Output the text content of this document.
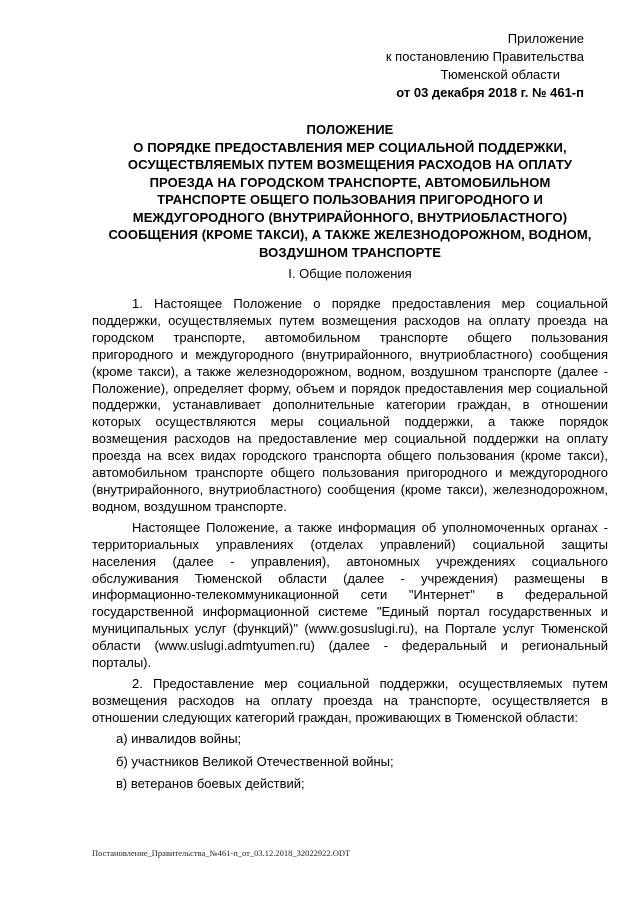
Приложение
к постановлению Правительства
Тюменской области
от 03 декабря 2018 г. № 461-п
ПОЛОЖЕНИЕ
О ПОРЯДКЕ ПРЕДОСТАВЛЕНИЯ МЕР СОЦИАЛЬНОЙ ПОДДЕРЖКИ,
ОСУЩЕСТВЛЯЕМЫХ ПУТЕМ ВОЗМЕЩЕНИЯ РАСХОДОВ НА ОПЛАТУ
ПРОЕЗДА НА ГОРОДСКОМ ТРАНСПОРТЕ, АВТОМОБИЛЬНОМ
ТРАНСПОРТЕ ОБЩЕГО ПОЛЬЗОВАНИЯ ПРИГОРОДНОГО И
МЕЖДУГОРОДНОГО (ВНУТРИРАЙОННОГО, ВНУТРИОБЛАСТНОГО)
СООБЩЕНИЯ (КРОМЕ ТАКСИ), А ТАКЖЕ ЖЕЛЕЗНОДОРОЖНОМ, ВОДНОМ,
ВОЗДУШНОМ ТРАНСПОРТЕ
I. Общие положения

1. Настоящее Положение о порядке предоставления мер социальной поддержки, осуществляемых путем возмещения расходов на оплату проезда на городском транспорте, автомобильном транспорте общего пользования пригородного и междугородного (внутрирайонного, внутриобластного) сообщения (кроме такси), а также железнодорожном, водном, воздушном транспорте (далее - Положение), определяет форму, объем и порядок предоставления мер социальной поддержки, устанавливает дополнительные категории граждан, в отношении которых осуществляются меры социальной поддержки, а также порядок возмещения расходов на предоставление мер социальной поддержки на оплату проезда на всех видах городского транспорта общего пользования (кроме такси), автомобильном транспорте общего пользования пригородного и междугородного (внутрирайонного, внутриобластного) сообщения (кроме такси), железнодорожном, водном, воздушном транспорте.

Настоящее Положение, а также информация об уполномоченных органах - территориальных управлениях (отделах управлений) социальной защиты населения (далее - управления), автономных учреждениях социального обслуживания Тюменской области (далее - учреждения) размещены в информационно-телекоммуникационной сети "Интернет" в федеральной государственной информационной системе "Единый портал государственных и муниципальных услуг (функций)" (www.gosuslugi.ru), на Портале услуг Тюменской области (www.uslugi.admtyumen.ru) (далее - федеральный и региональный порталы).

2. Предоставление мер социальной поддержки, осуществляемых путем возмещения расходов на оплату проезда на транспорте, осуществляется в отношении следующих категорий граждан, проживающих в Тюменской области:

а) инвалидов войны;

б) участников Великой Отечественной войны;

в) ветеранов боевых действий;

Постановление_Правительства_№461-п_от_03.12.2018_32022922.ODT
